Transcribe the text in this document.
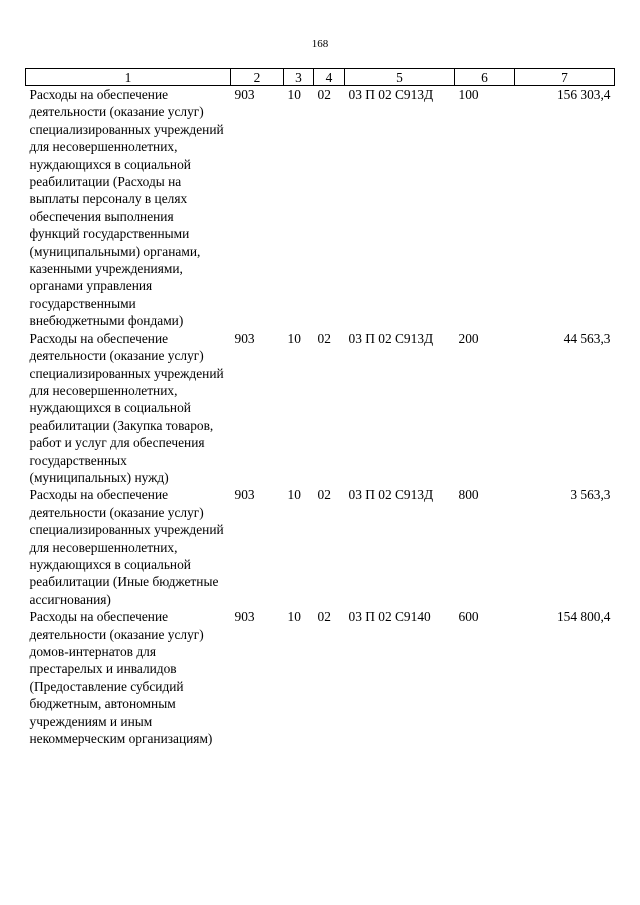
168
1	2	3	4	5	6	7
Расходы на обеспечение деятельности (оказание услуг) специализированных учреждений для несовершеннолетних, нуждающихся в социальной реабилитации (Расходы на выплаты персоналу в целях обеспечения выполнения функций государственными (муниципальными) органами, казенными учреждениями, органами управления государственными внебюджетными фондами)	903	10	02	03 П 02 С913Д	100	156 303,4
Расходы на обеспечение деятельности (оказание услуг) специализированных учреждений для несовершеннолетних, нуждающихся в социальной реабилитации (Закупка товаров, работ и услуг для обеспечения государственных (муниципальных) нужд)	903	10	02	03 П 02 С913Д	200	44 563,3
Расходы на обеспечение деятельности (оказание услуг) специализированных учреждений для несовершеннолетних, нуждающихся в социальной реабилитации (Иные бюджетные ассигнования)	903	10	02	03 П 02 С913Д	800	3 563,3
Расходы на обеспечение деятельности (оказание услуг) домов-интернатов для престарелых и инвалидов (Предоставление субсидий бюджетным, автономным учреждениям и иным некоммерческим организациям)	903	10	02	03 П 02 С9140	600	154 800,4
